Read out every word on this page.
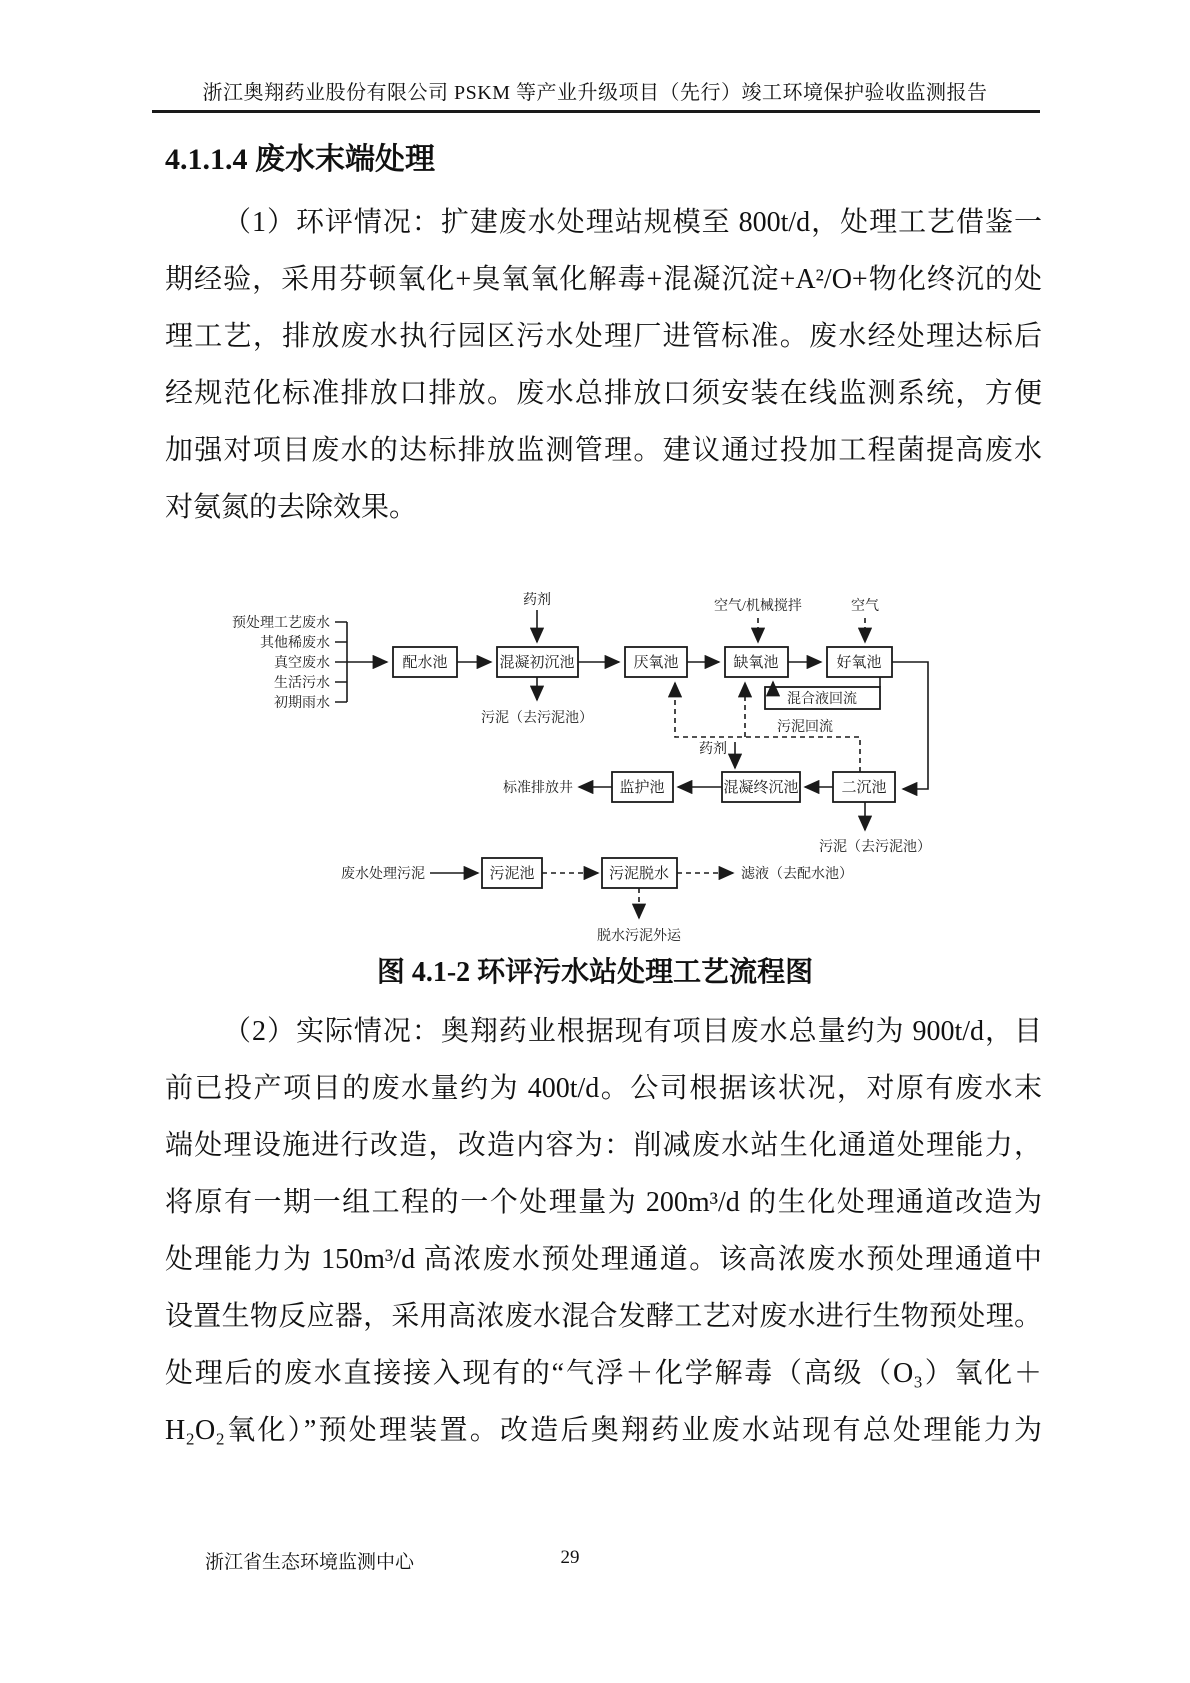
浙江奥翔药业股份有限公司 PSKM 等产业升级项目（先行）竣工环境保护验收监测报告
4.1.1.4 废水末端处理
（1）环评情况：扩建废水处理站规模至 800t/d，处理工艺借鉴一
期经验，采用芬顿氧化+臭氧氧化解毒+混凝沉淀+A²/O+物化终沉的处
理工艺，排放废水执行园区污水处理厂进管标准。废水经处理达标后
经规范化标准排放口排放。废水总排放口须安装在线监测系统，方便
加强对项目废水的达标排放监测管理。建议通过投加工程菌提高废水
对氨氮的去除效果。
预处理工艺废水
其他稀废水
真空废水
生活污水
初期雨水
配水池	混凝初沉池	厌氧池	缺氧池	好氧池
药剂	空气/机械搅拌	空气
污泥（去污泥池）
混合液回流
污泥回流
药剂
二沉池
混凝终沉池
监护池
标准排放井
污泥（去污泥池）
废水处理污泥	污泥池	污泥脱水	滤液（去配水池）
脱水污泥外运
图 4.1-2 环评污水站处理工艺流程图
（2）实际情况：奥翔药业根据现有项目废水总量约为 900t/d，目
前已投产项目的废水量约为 400t/d。公司根据该状况，对原有废水末
端处理设施进行改造，改造内容为：削减废水站生化通道处理能力，
将原有一期一组工程的一个处理量为 200m³/d 的生化处理通道改造为
处理能力为 150m³/d 高浓废水预处理通道。该高浓废水预处理通道中
设置生物反应器，采用高浓废水混合发酵工艺对废水进行生物预处理。
处理后的废水直接接入现有的“气浮＋化学解毒（高级（O₃）氧化＋
H₂O₂氧化）”预处理装置。改造后奥翔药业废水站现有总处理能力为
浙江省生态环境监测中心	29
